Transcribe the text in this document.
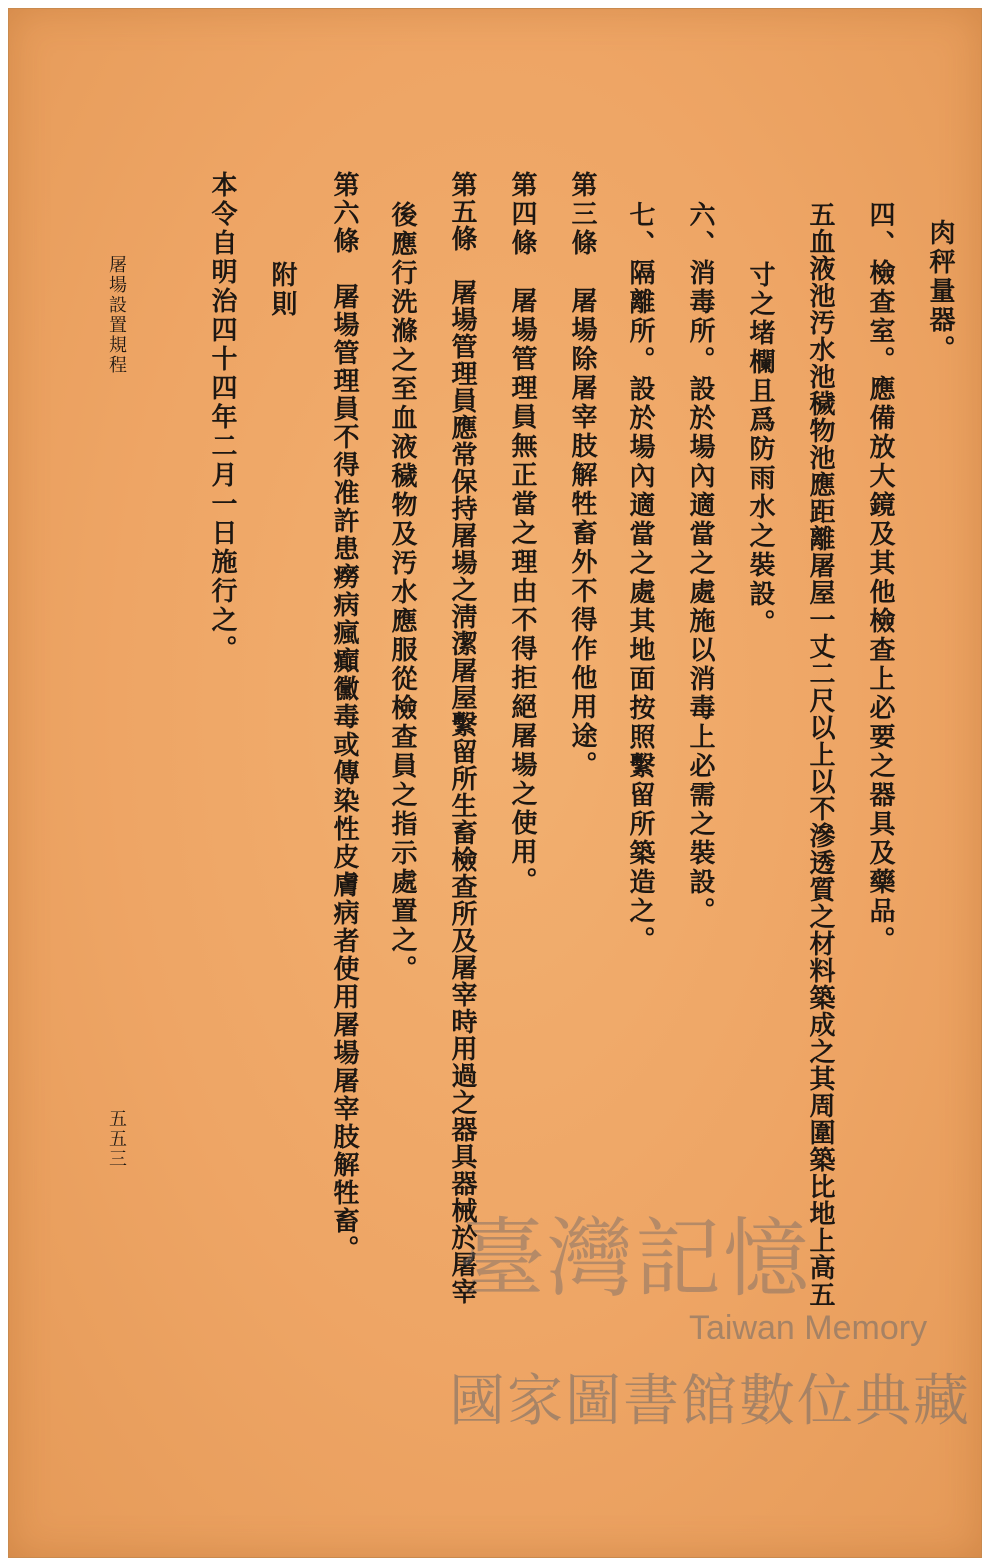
肉秤量器。
四、檢查室。應備放大鏡及其他檢查上必要之器具及藥品。
五血液池汚水池穢物池應距離屠屋一丈二尺以上以不滲透質之材料築成之其周圍築比地上高五
寸之堵欄且爲防雨水之裝設。
六、消毒所。設於場內適當之處施以消毒上必需之裝設。
七、隔離所。設於場內適當之處其地面按照繫留所築造之。
第三條　屠場除屠宰肢解牲畜外不得作他用途。
第四條　屠場管理員無正當之理由不得拒絕屠場之使用。
第五條　屠場管理員應常保持屠場之淸潔屠屋繫留所生畜檢查所及屠宰時用過之器具器械於屠宰
後應行洗滌之至血液穢物及汚水應服從檢查員之指示處置之。
第六條　屠場管理員不得准許患癆病瘋癲黴毒或傳染性皮膚病者使用屠場屠宰肢解牲畜。
附則
本令自明治四十四年二月一日施行之。
屠場設置規程
五五三
臺灣記憶
Taiwan Memory
國家圖書館數位典藏
